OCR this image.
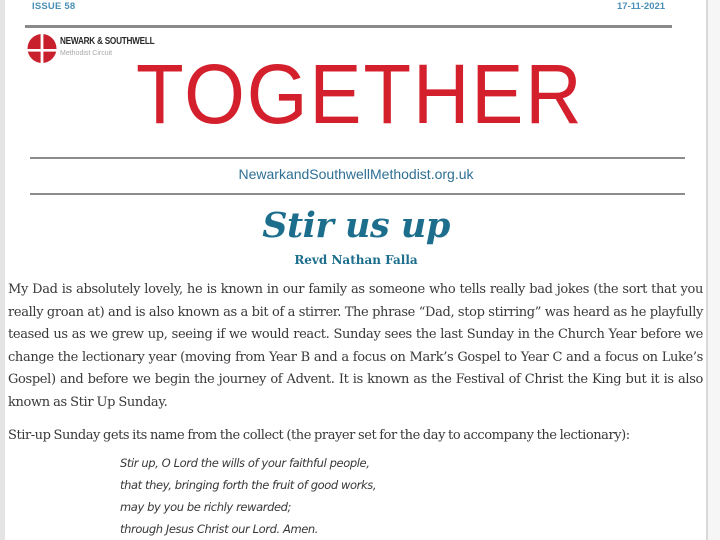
ISSUE 58	17-11-2021
NEWARK & SOUTHWELL
Methodist Circuit TOGETHER
NewarkandSouthwellMethodist.org.uk
Stir us up
Revd Nathan Falla

My Dad is absolutely lovely, he is known in our family as someone who tells really bad jokes (the sort that you really groan at) and is also known as a bit of a stirrer. The phrase “Dad, stop stirring” was heard as he playfully teased us as we grew up, seeing if we would react. Sunday sees the last Sunday in the Church Year before we change the lectionary year (moving from Year B and a focus on Mark’s Gospel to Year C and a focus on Luke’s Gospel) and before we begin the journey of Advent. It is known as the Festival of Christ the King but it is also known as Stir Up Sunday.

Stir-up Sunday gets its name from the collect (the prayer set for the day to accompany the lectionary):
Stir up, O Lord the wills of your faithful people,
that they, bringing forth the fruit of good works,
may by you be richly rewarded;
through Jesus Christ our Lord. Amen.
